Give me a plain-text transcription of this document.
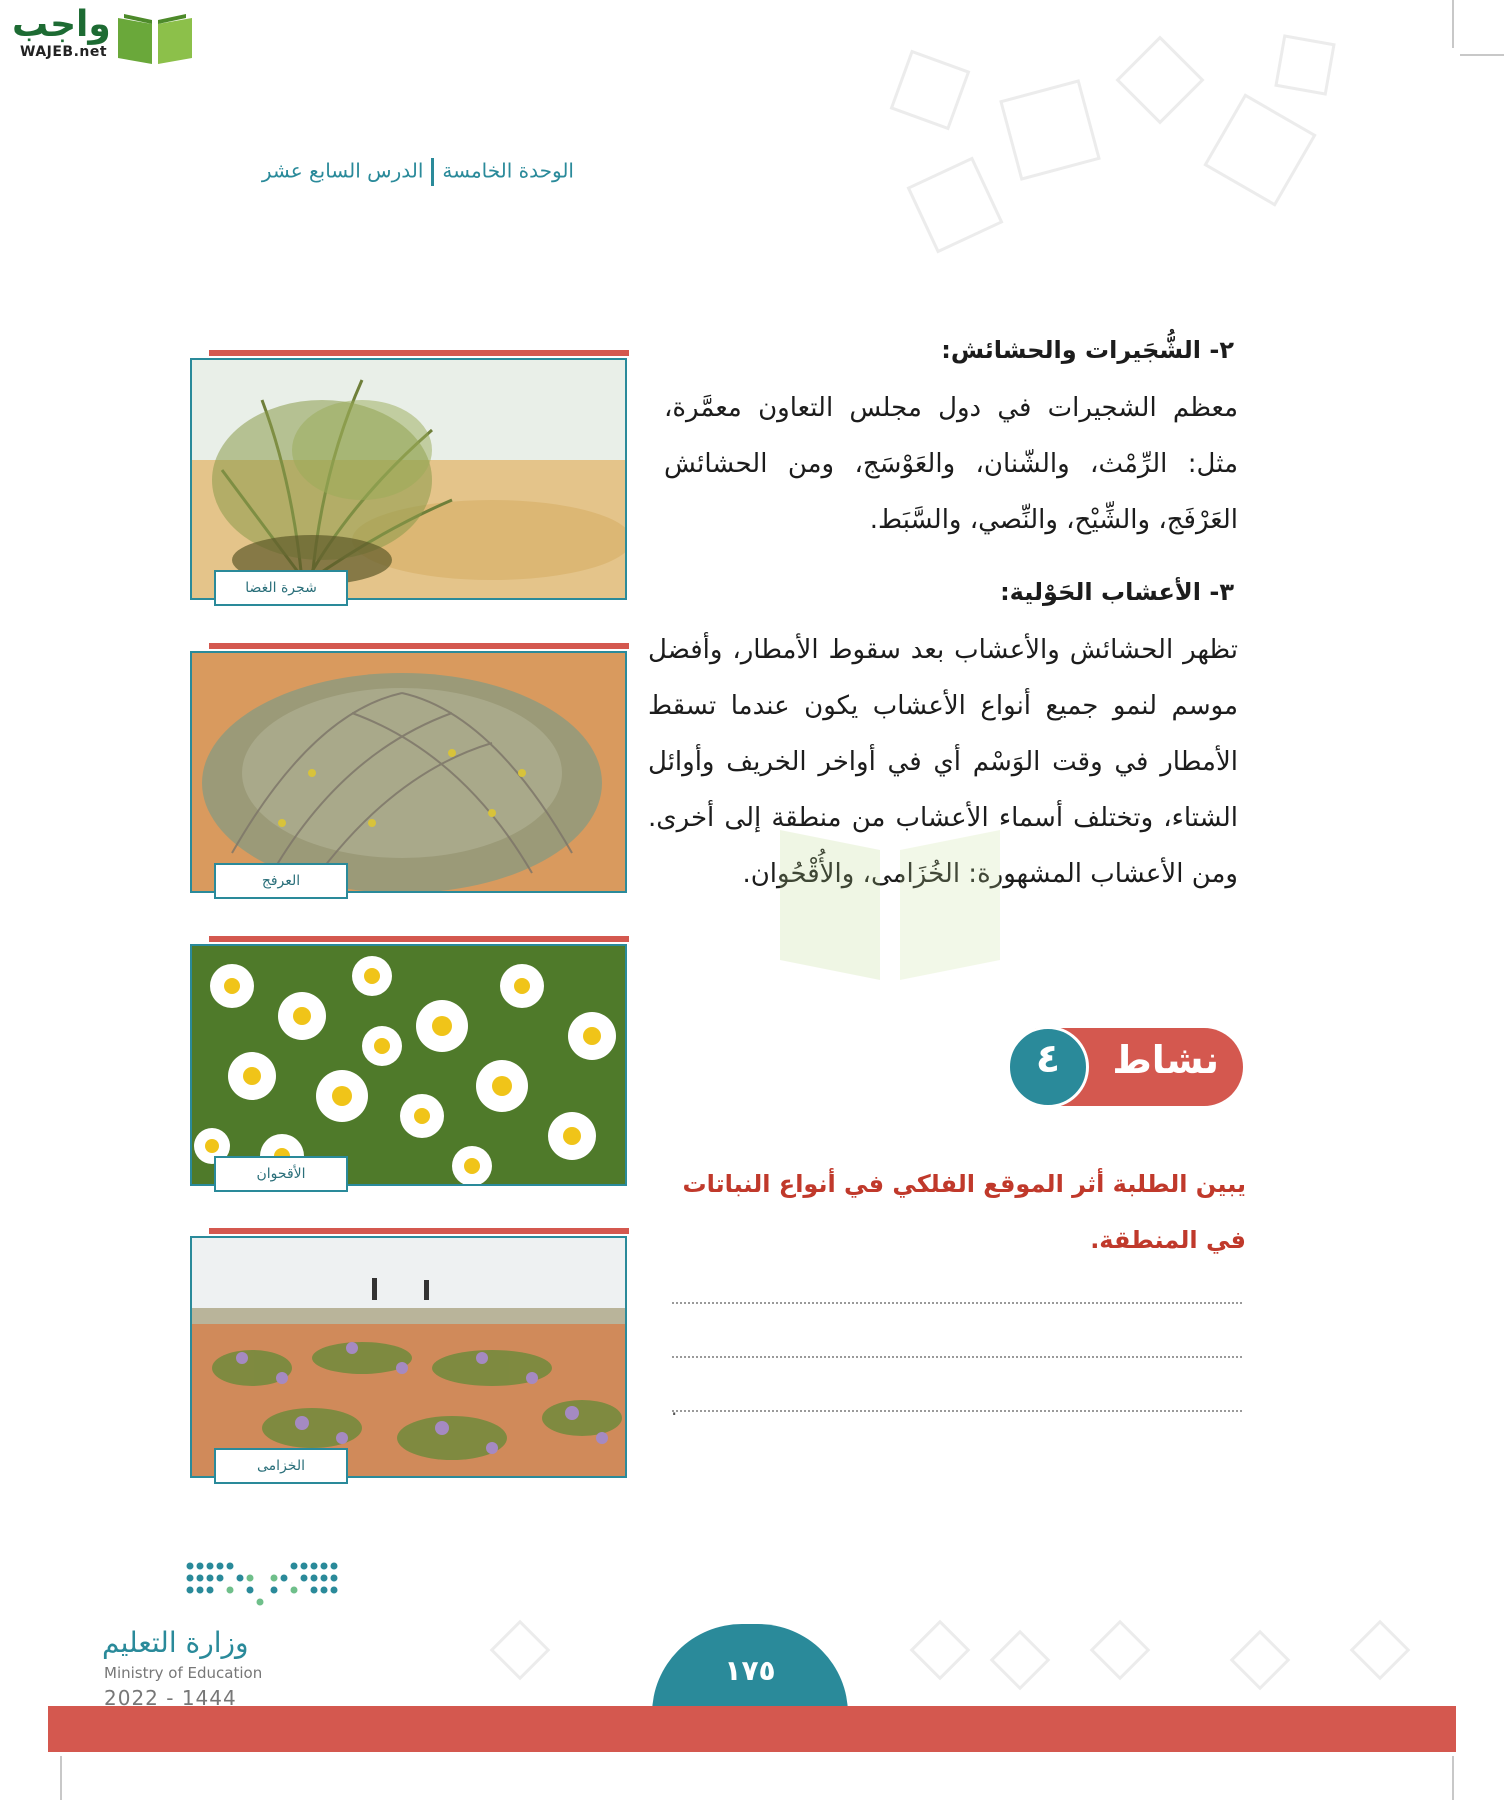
واجب
WAJEB.net
الوحدة الخامسةالدرس السابع عشر
شجرة الغضا
العرفج
الأقحوان
الخزامى
٢- الشُّجَيرات والحشائش:
معظم الشجيرات في دول مجلس التعاون معمَّرة، مثل: الرِّمْث، والشّنان، والعَوْسَج، ومن الحشائش العَرْفَج، والشِّيْح، والنِّصي، والسَّبَط.
٣- الأعشاب الحَوْلية:
تظهر الحشائش والأعشاب بعد سقوط الأمطار، وأفضل موسم لنمو جميع أنواع الأعشاب يكون عندما تسقط الأمطار في وقت الوَسْم أي في أواخر الخريف وأوائل الشتاء، وتختلف أسماء الأعشاب من منطقة إلى أخرى. ومن الأعشاب المشهورة: الخُزَامى، والأُقْحُوان.
نشاط
٤
يبين الطلبة أثر الموقع الفلكي في أنواع النباتات في المنطقة.
.
١٧٥
وزارة التعليم
Ministry of Education
2022 - 1444
